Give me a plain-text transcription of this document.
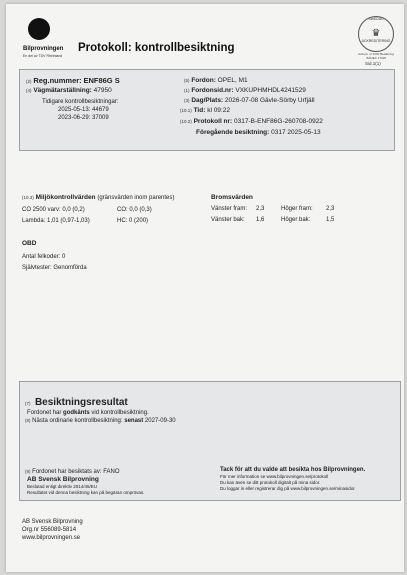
Bilprovningen
En del av TÜV Rheinland
Protokoll: kontrollbesiktning
SWEDAC
♛
ACKREDITERING
Ackred. nr 4300 Besiktning ISO/IEC 17020
Sid.1(1)
(2) Reg.nummer: ENF86G S
(4) Vägmätarställning: 47950
Tidigare kontrollbesiktningar:
2025-05-13: 44679
2023-06-29: 37009
(5) Fordon: OPEL, M1
(1) Fordonsid.nr: VXKUPHMHDL4241529
(3) Dag/Plats: 2026-07-08 Gävle-Sörby Urfjäll
(10.1) Tid: kl 09:22
(10.2) Protokoll nr: 0317-B-ENF86G-260708-0922
Föregående besiktning: 0317 2025-05-13
(10.3) Miljökontrollvärden (gränsvärden inom parentes)
CO 2500 varv: 0,0 (0,2)	CO: 0,0 (0,3)
Lambda: 1,01 (0,97-1,03)	HC: 0 (200)
Bromsvärden
Vänster fram: 2,3	Höger fram: 2,3
Vänster bak: 1,6	Höger bak:	1,5
OBD
Antal felkoder: 0
Självtester: Genomförda
(7) Besiktningsresultat
Fordonet har godkänts vid kontrollbesiktning.
(8) Nästa ordinarie kontrollbesiktning: senast 2027-09-30
(9) Fordonet har besiktats av: FANO
AB Svensk Bilprovning
Beslutad enligt direktiv 2014/45/EU
Resultatet vid denna besiktning kan på begäran omprövas.
Tack för att du valde att besikta hos Bilprovningen.
För mer information se www.bilprovningen.se/protokoll
Du kan även se ditt protokoll digitalt på mina sidor.
Du loggar in eller registrerar dig på www.bilprovningen.se/minasidor
AB Svensk Bilprovning
Org.nr 556089-5814
www.bilprovningen.se
